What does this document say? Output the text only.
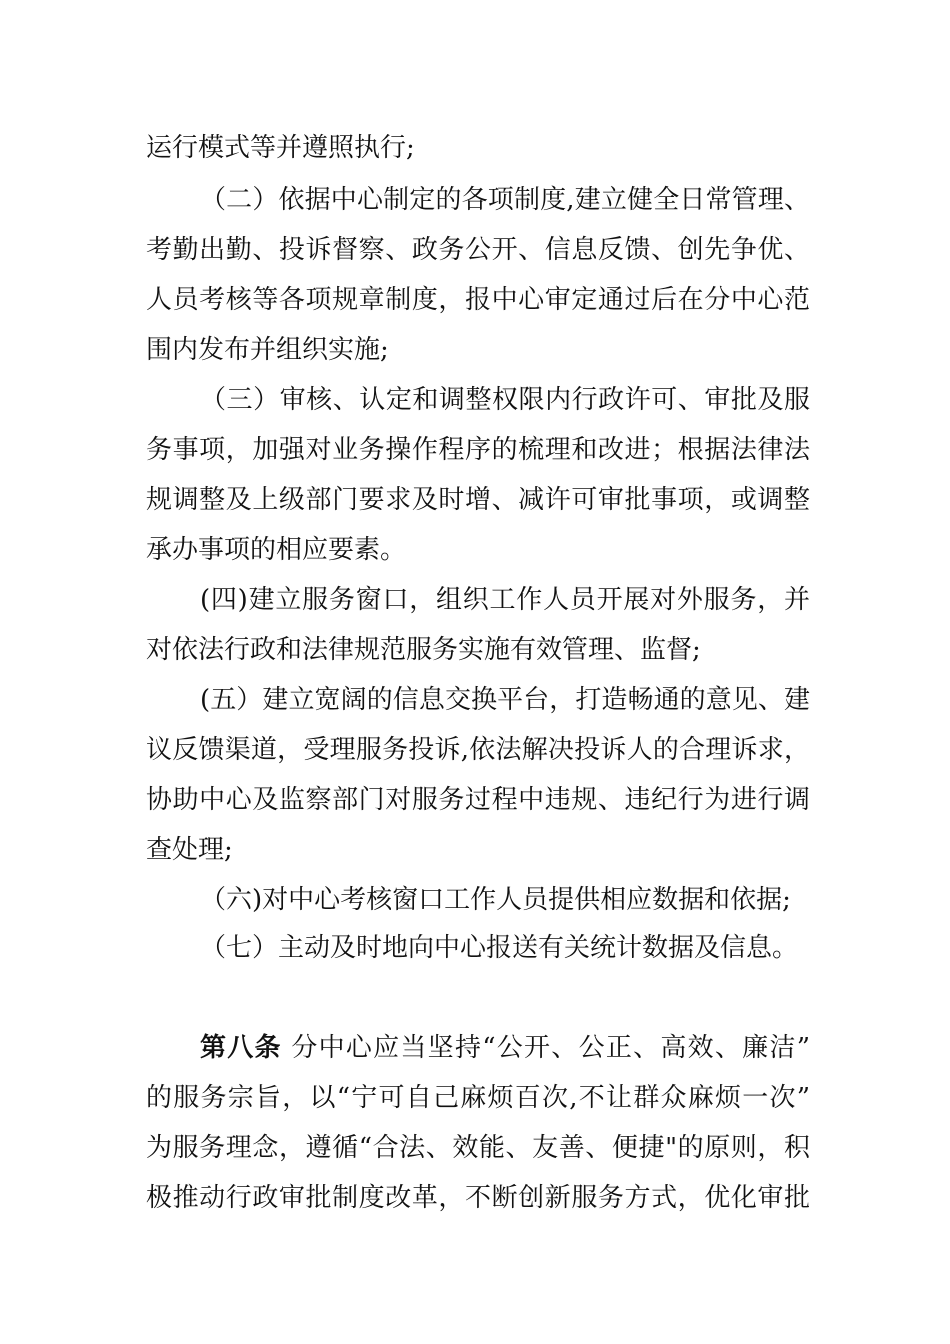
运行模式等并遵照执行;
（二）依据中心制定的各项制度,建立健全日常管理、
考勤出勤、投诉督察、政务公开、信息反馈、创先争优、
人员考核等各项规章制度，报中心审定通过后在分中心范
围内发布并组织实施;
（三）审核、认定和调整权限内行政许可、审批及服
务事项，加强对业务操作程序的梳理和改进；根据法律法
规调整及上级部门要求及时增、减许可审批事项，或调整
承办事项的相应要素。
(四)建立服务窗口，组织工作人员开展对外服务，并
对依法行政和法律规范服务实施有效管理、监督;
(五）建立宽阔的信息交换平台，打造畅通的意见、建
议反馈渠道，受理服务投诉,依法解决投诉人的合理诉求，
协助中心及监察部门对服务过程中违规、违纪行为进行调
查处理;
（六)对中心考核窗口工作人员提供相应数据和依据;
（七）主动及时地向中心报送有关统计数据及信息。
第八条 分中心应当坚持“公开、公正、高效、廉洁”
的服务宗旨，以“宁可自己麻烦百次,不让群众麻烦一次”
为服务理念，遵循“合法、效能、友善、便捷"的原则，积
极推动行政审批制度改革，不断创新服务方式，优化审批
